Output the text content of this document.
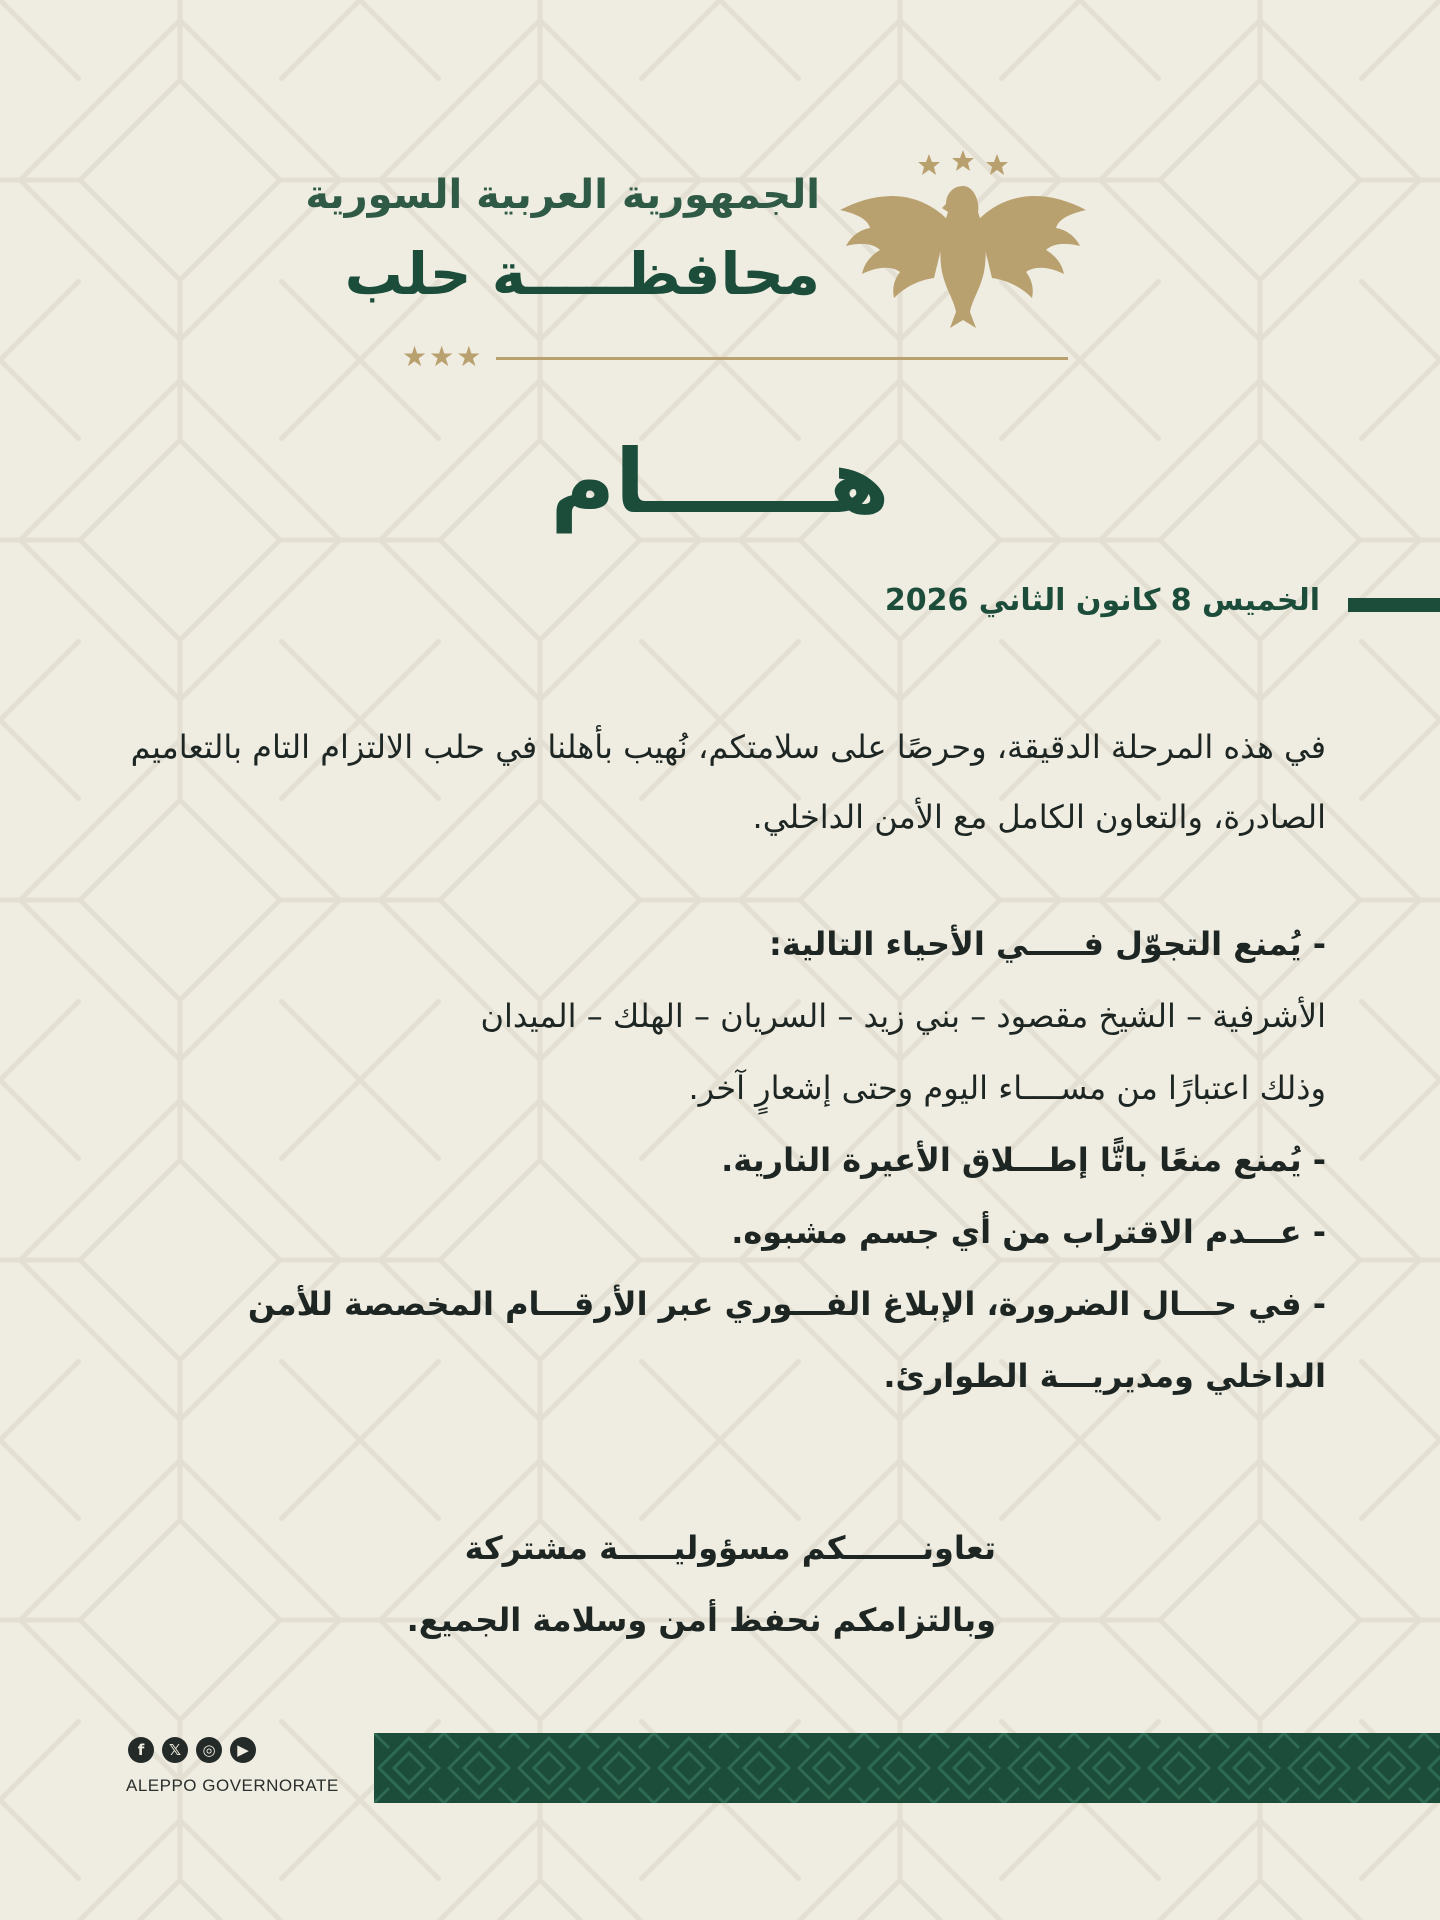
الجمهورية العربية السورية
محافظـــــة حلب
★★★
هــــــام
الخميس 8 كانون الثاني 2026
في هذه المرحلة الدقيقة، وحرصًا على سلامتكم، نُهيب بأهلنا في حلب الالتزام التام بالتعاميم الصادرة، والتعاون الكامل مع الأمن الداخلي.
- يُمنع التجوّل فـــــي الأحياء التالية:
الأشرفية – الشيخ مقصود – بني زيد – السريان – الهلك – الميدان
وذلك اعتبارًا من مســــاء اليوم وحتى إشعارٍ آخر.
- يُمنع منعًا باتًّا إطـــلاق الأعيرة النارية.
- عـــدم الاقتراب من أي جسم مشبوه.
- في حـــال الضرورة، الإبلاغ الفـــوري عبر الأرقـــام المخصصة للأمن الداخلي ومديريـــة الطوارئ.
تعاونـــــــكم مسؤوليـــــة مشتركة
وبالتزامكم نحفظ أمن وسلامة الجميع.
f	𝕏	◎	▶
ALEPPO GOVERNORATE
